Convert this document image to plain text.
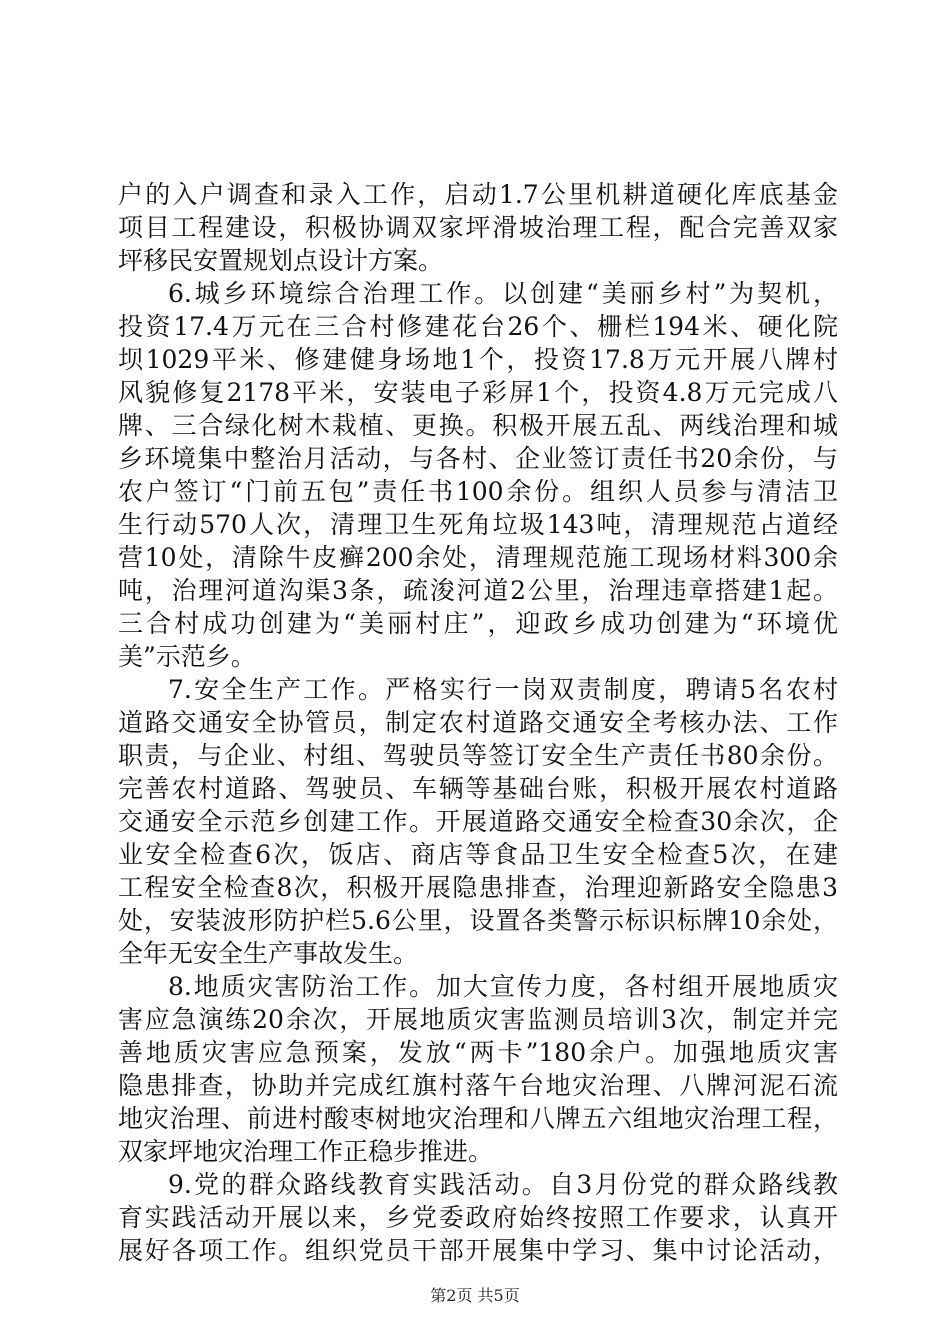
户的入户调查和录入工作，启动1.7公里机耕道硬化库底基金
项目工程建设，积极协调双家坪滑坡治理工程，配合完善双家
坪移民安置规划点设计方案。
6.城乡环境综合治理工作。以创建“美丽乡村”为契机，
投资17.4万元在三合村修建花台26个、栅栏194米、硬化院
坝1029平米、修建健身场地1个，投资17.8万元开展八牌村
风貌修复2178平米，安装电子彩屏1个，投资4.8万元完成八
牌、三合绿化树木栽植、更换。积极开展五乱、两线治理和城
乡环境集中整治月活动，与各村、企业签订责任书20余份，与
农户签订“门前五包”责任书100余份。组织人员参与清洁卫
生行动570人次，清理卫生死角垃圾143吨，清理规范占道经
营10处，清除牛皮癣200余处，清理规范施工现场材料300余
吨，治理河道沟渠3条，疏浚河道2公里，治理违章搭建1起。
三合村成功创建为“美丽村庄”，迎政乡成功创建为“环境优
美”示范乡。
7.安全生产工作。严格实行一岗双责制度，聘请5名农村
道路交通安全协管员，制定农村道路交通安全考核办法、工作
职责，与企业、村组、驾驶员等签订安全生产责任书80余份。
完善农村道路、驾驶员、车辆等基础台账，积极开展农村道路
交通安全示范乡创建工作。开展道路交通安全检查30余次，企
业安全检查6次，饭店、商店等食品卫生安全检查5次，在建
工程安全检查8次，积极开展隐患排查，治理迎新路安全隐患3
处，安装波形防护栏5.6公里，设置各类警示标识标牌10余处，
全年无安全生产事故发生。
8.地质灾害防治工作。加大宣传力度，各村组开展地质灾
害应急演练20余次，开展地质灾害监测员培训3次，制定并完
善地质灾害应急预案，发放“两卡”180余户。加强地质灾害
隐患排查，协助并完成红旗村落午台地灾治理、八牌河泥石流
地灾治理、前进村酸枣树地灾治理和八牌五六组地灾治理工程，
双家坪地灾治理工作正稳步推进。
9.党的群众路线教育实践活动。自3月份党的群众路线教
育实践活动开展以来，乡党委政府始终按照工作要求，认真开
展好各项工作。组织党员干部开展集中学习、集中讨论活动，
第2页 共5页
